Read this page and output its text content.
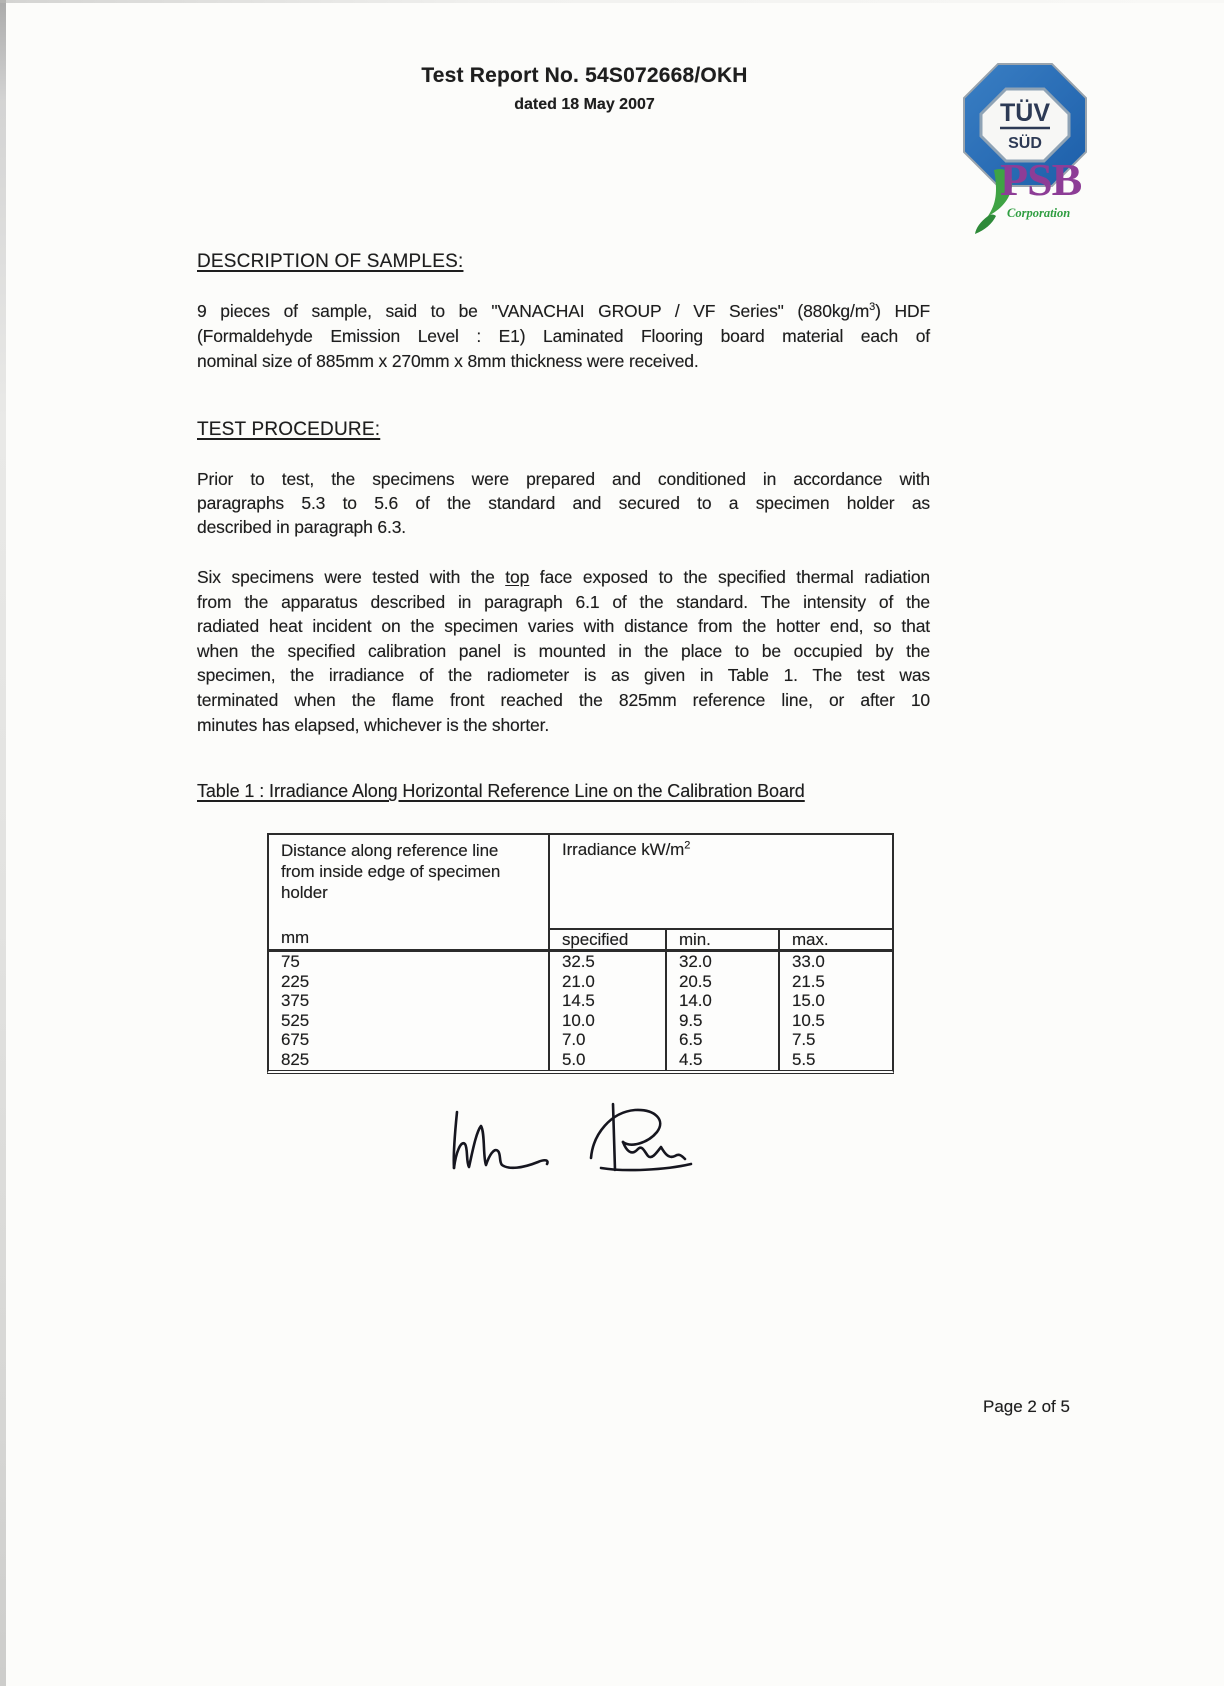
Test Report No. 54S072668/OKH
dated 18 May 2007	TÜV
SÜD
PSB
Corporation
DESCRIPTION OF SAMPLES:
9 pieces of sample, said to be "VANACHAI GROUP / VF Series" $(880kg/m^3)$ HDF
(Formaldehyde Emission Level : E1) Laminated Flooring board material each of
nominal size of 885mm x 270mm x 8mm thickness were received.
TEST PROCEDURE:
Prior to test, the specimens were prepared and conditioned in accordance with
paragraphs 5.3 to 5.6 of the standard and secured to a specimen holder as
described in paragraph 6.3.
Six specimens were tested with the top face exposed to the specified thermal radiation
from the apparatus described in paragraph 6.1 of the standard. The intensity of the
radiated heat incident on the specimen varies with distance from the hotter end, so that
when the specified calibration panel is mounted in the place to be occupied by the
specimen, the irradiance of the radiometer is as given in Table 1. The test was
terminated when the flame front reached the 825mm reference line, or after 10
minutes has elapsed, whichever is the shorter.
Table 1 : Irradiance Along Horizontal Reference Line on the Calibration Board
Distance along reference line from inside edge of specimen holder
mm
Irradiance $kW/m^2$
specified	min.	max.
75	32.5	32.0	33.0
225	21.0	20.5	21.5
375	14.5	14.0	15.0
525	10.0	9.5	10.5
675	7.0	6.5	7.5
825	5.0	4.5	5.5
Page 2 of 5
